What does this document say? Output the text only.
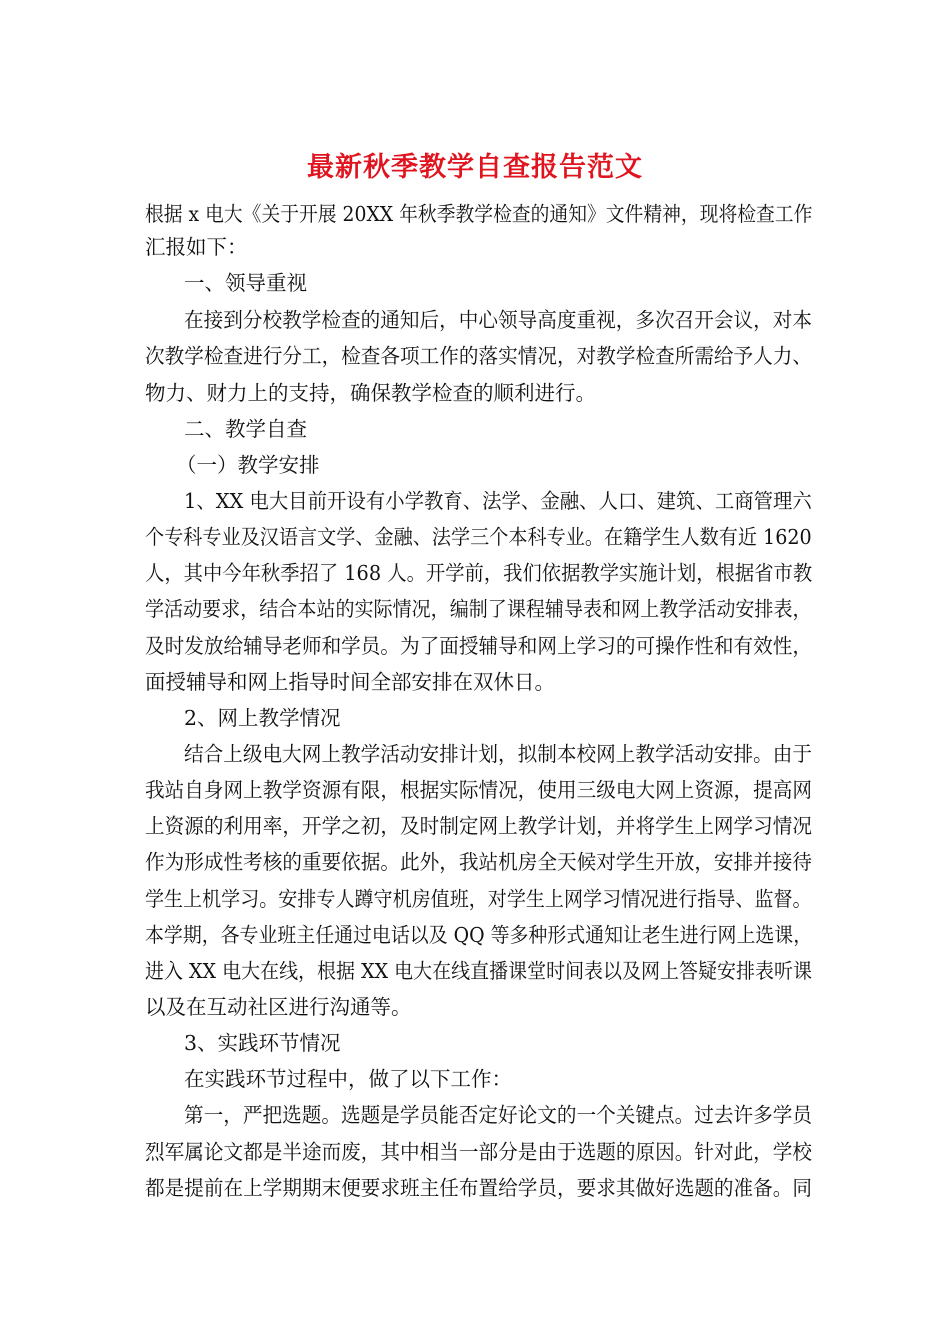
最新秋季教学自查报告范文
根据 x 电大《关于开展 20XX 年秋季教学检查的通知》文件精神，现将检查工作
汇报如下：
一、领导重视
在接到分校教学检查的通知后，中心领导高度重视，多次召开会议，对本
次教学检查进行分工，检查各项工作的落实情况，对教学检查所需给予人力、
物力、财力上的支持，确保教学检查的顺利进行。
二、教学自查
（一）教学安排
1、XX 电大目前开设有小学教育、法学、金融、人口、建筑、工商管理六
个专科专业及汉语言文学、金融、法学三个本科专业。在籍学生人数有近 1620
人，其中今年秋季招了 168 人。开学前，我们依据教学实施计划，根据省市教
学活动要求，结合本站的实际情况，编制了课程辅导表和网上教学活动安排表，
及时发放给辅导老师和学员。为了面授辅导和网上学习的可操作性和有效性，
面授辅导和网上指导时间全部安排在双休日。
2、网上教学情况
结合上级电大网上教学活动安排计划，拟制本校网上教学活动安排。由于
我站自身网上教学资源有限，根据实际情况，使用三级电大网上资源，提高网
上资源的利用率，开学之初，及时制定网上教学计划，并将学生上网学习情况
作为形成性考核的重要依据。此外，我站机房全天候对学生开放，安排并接待
学生上机学习。安排专人蹲守机房值班，对学生上网学习情况进行指导、监督。
本学期，各专业班主任通过电话以及 QQ 等多种形式通知让老生进行网上选课，
进入 XX 电大在线，根据 XX 电大在线直播课堂时间表以及网上答疑安排表听课
以及在互动社区进行沟通等。
3、实践环节情况
在实践环节过程中，做了以下工作：
第一，严把选题。选题是学员能否定好论文的一个关键点。过去许多学员
烈军属论文都是半途而废，其中相当一部分是由于选题的原因。针对此，学校
都是提前在上学期期末便要求班主任布置给学员，要求其做好选题的准备。同
